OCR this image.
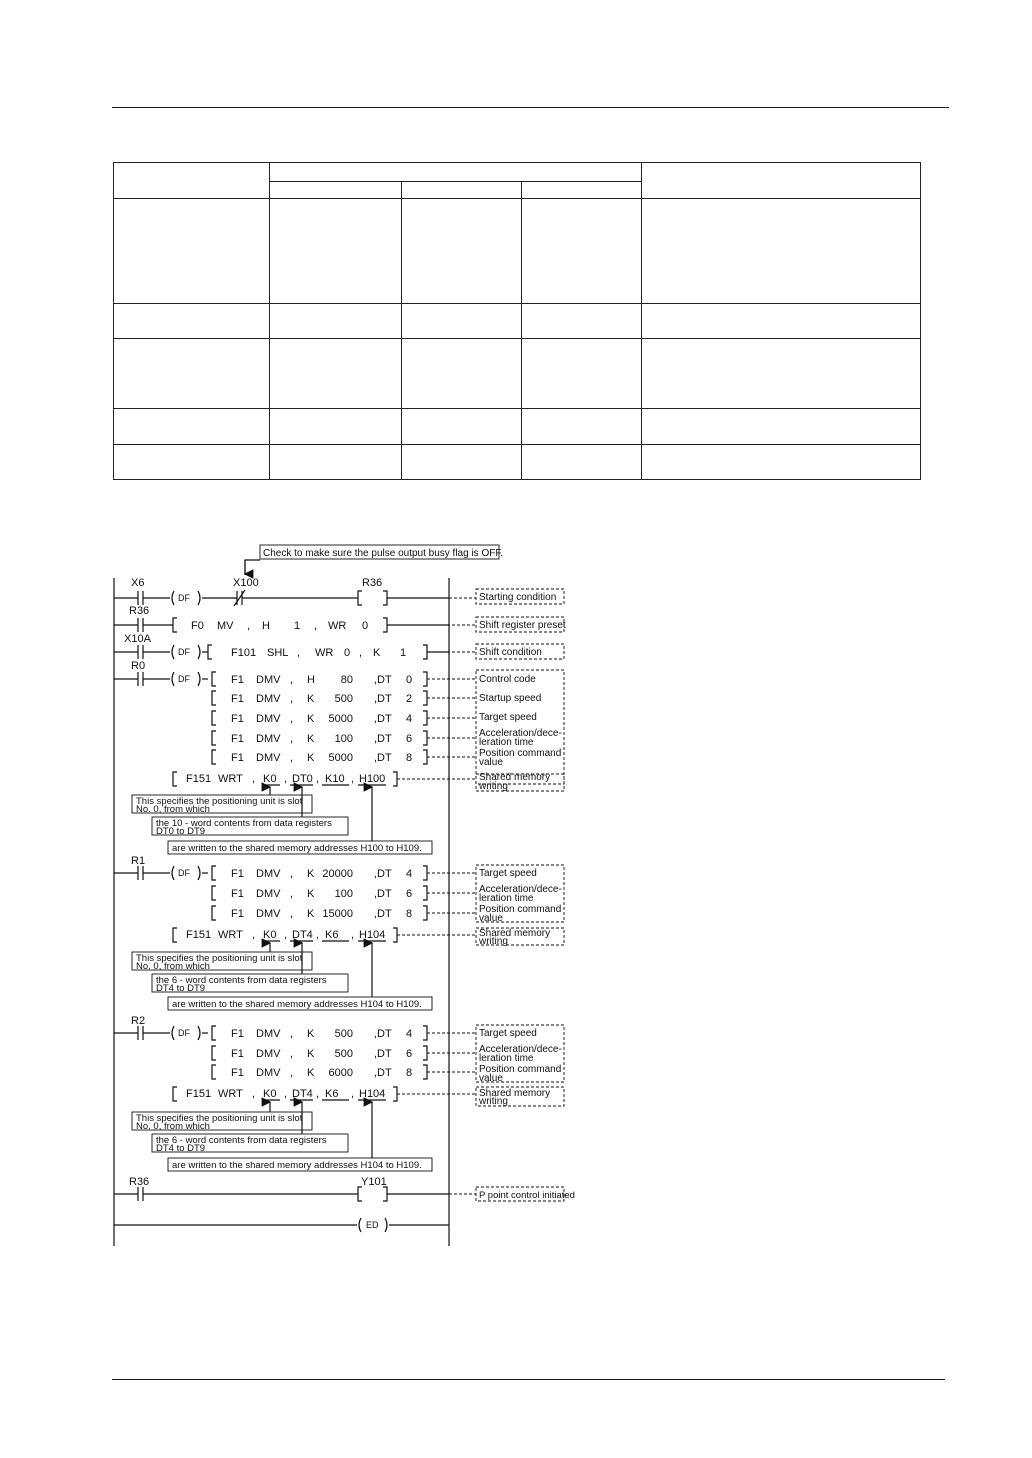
Check to make sure the pulse output busy flag is OFF.
X6	X100	R36
R36
X10A
R0
R1
R2
R36	Y101
DF
DF
DF
DF
DF
ED
F0 MV , H 1 , WR 0
F101 SHL , WR 0 , K 1
F1 DMV , H 80 , DT 0
F1 DMV , K 500 , DT 2
F1 DMV , K 5000 , DT 4
F1 DMV , K 100 , DT 6
F1 DMV , K 5000 , DT 8
F1 DMV , K 20000 , DT 4
F1 DMV , K 100 , DT 6
F1 DMV , K 15000 , DT 8
F1 DMV , K 500 , DT 4
F1 DMV , K 500 , DT 6
F1 DMV , K 6000 , DT 8
F151 WRT , K0 , DT0 , K10 , H100
F151 WRT , K0 , DT4 , K6 , H104
F151 WRT , K0 , DT4 , K6 , H104
Starting condition
Shift register preset
Shift condition
Control code
Startup speed
Target speed
Acceleration/dece-
leration time
Position command
value
Shared memory
writing
Target speed
Acceleration/dece-
leration time
Position command
value
Shared memory
writing
Target speed
Acceleration/dece-
leration time
Position command
value
Shared memory
writing
P point control initiated
This specifies the positioning unit is slot
No. 0, from which
the 10 - word contents from data registers
DT0 to DT9
are written to the shared memory addresses H100 to H109.
This specifies the positioning unit is slot
No. 0, from which
the 6 - word contents from data registers
DT4 to DT9
are written to the shared memory addresses H104 to H109.
This specifies the positioning unit is slot
No. 0, from which
the 6 - word contents from data registers
DT4 to DT9
are written to the shared memory addresses H104 to H109.
